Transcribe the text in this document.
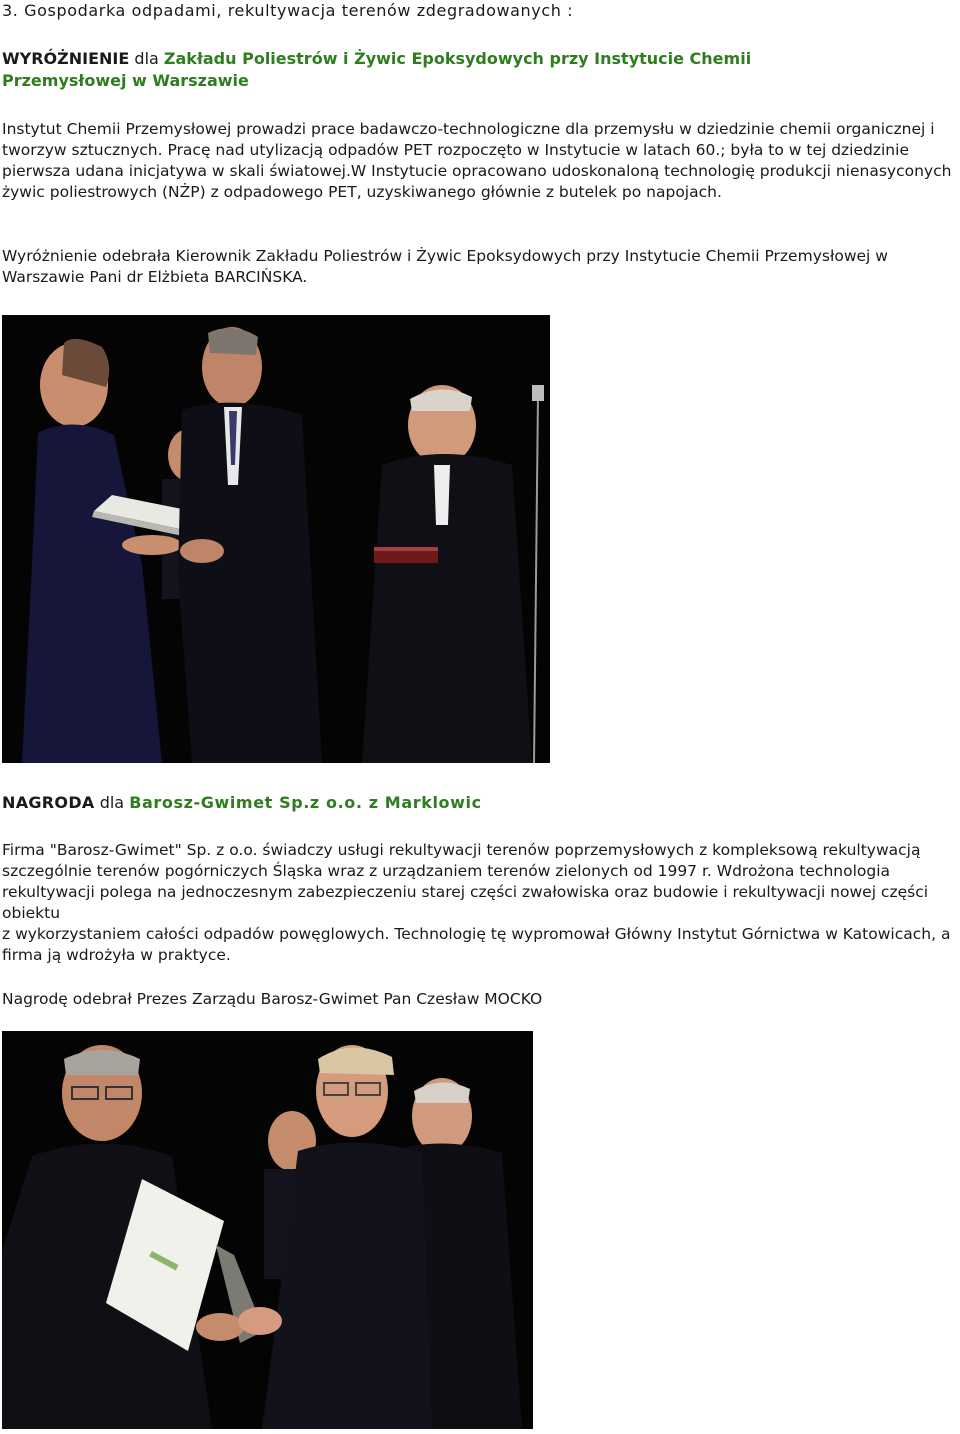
3. Gospodarka odpadami, rekultywacja terenów zdegradowanych :

WYRÓŻNIENIE dla Zakładu Poliestrów i Żywic Epoksydowych przy Instytucie Chemii

Przemysłowej w Warszawie

Instytut Chemii Przemysłowej prowadzi prace badawczo-technologiczne dla przemysłu w dziedzinie chemii organicznej i tworzyw sztucznych. Pracę nad utylizacją odpadów PET rozpoczęto w Instytucie w latach 60.; była to w tej dziedzinie pierwsza udana inicjatywa w skali światowej.W Instytucie opracowano udoskonaloną technologię produkcji nienasyconych żywic poliestrowych (NŻP) z odpadowego PET, uzyskiwanego głównie z butelek po napojach.

Wyróżnienie odebrała Kierownik Zakładu Poliestrów i Żywic Epoksydowych przy Instytucie Chemii Przemysłowej w Warszawie Pani dr Elżbieta BARCIŃSKA.

NAGRODA dla Barosz-Gwimet Sp.z o.o. z Marklowic

Firma "Barosz-Gwimet" Sp. z o.o. świadczy usługi rekultywacji terenów poprzemysłowych z kompleksową rekultywacją szczególnie terenów pogórniczych Śląska wraz z urządzaniem terenów zielonych od 1997 r. Wdrożona technologia rekultywacji polega na jednoczesnym zabezpieczeniu starej części zwałowiska oraz budowie i rekultywacji nowej części obiektu

z wykorzystaniem całości odpadów powęglowych. Technologię tę wypromował Główny Instytut Górnictwa w Katowicach, a firma ją wdrożyła w praktyce.

Nagrodę odebrał Prezes Zarządu Barosz-Gwimet Pan Czesław MOCKO
